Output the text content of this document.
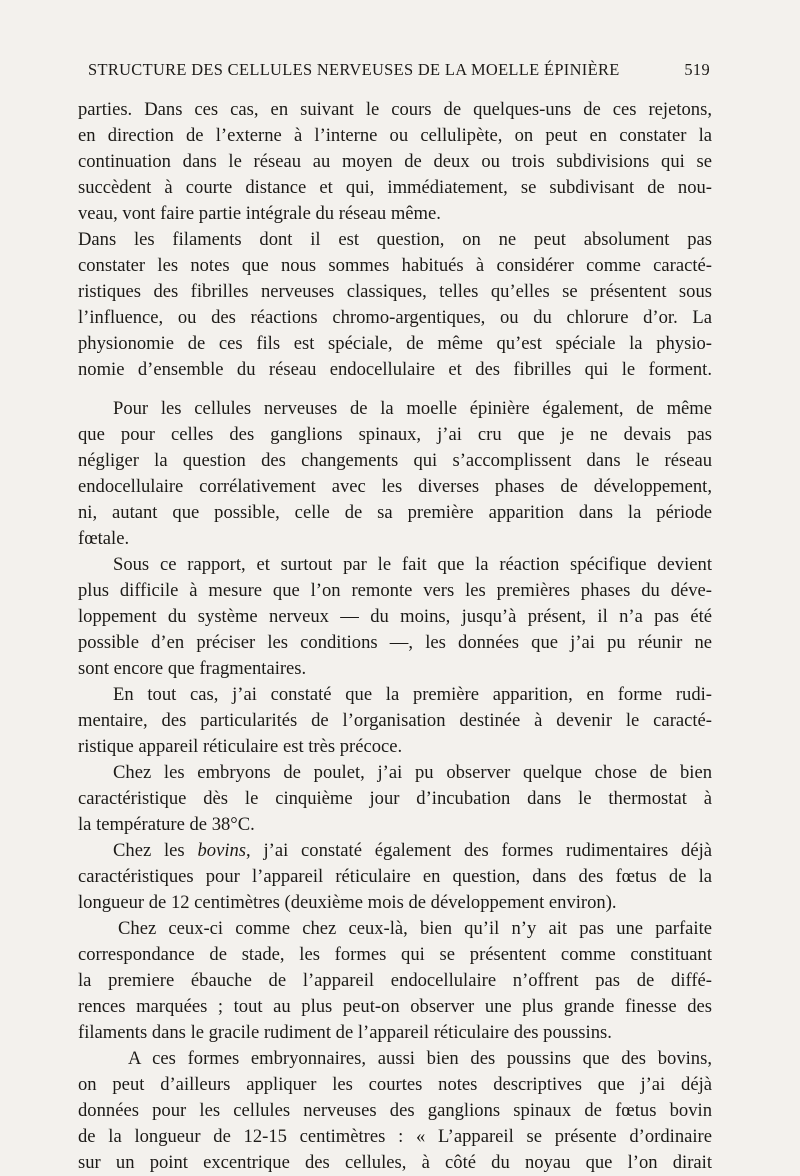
STRUCTURE DES CELLULES NERVEUSES DE LA MOELLE ÉPINIÈRE	519
parties. Dans ces cas, en suivant le cours de quelques-uns de ces rejetons,
en direction de l’externe à l’interne ou cellulipète, on peut en constater la
continuation dans le réseau au moyen de deux ou trois subdivisions qui se
succèdent à courte distance et qui, immédiatement, se subdivisant de nou-
veau, vont faire partie intégrale du réseau même.
Dans les filaments dont il est question, on ne peut absolument pas
constater les notes que nous sommes habitués à considérer comme caracté-
ristiques des fibrilles nerveuses classiques, telles qu’elles se présentent sous
l’influence, ou des réactions chromo-argentiques, ou du chlorure d’or. La
physionomie de ces fils est spéciale, de même qu’est spéciale la physio-
nomie d’ensemble du réseau endocellulaire et des fibrilles qui le forment.
Pour les cellules nerveuses de la moelle épinière également, de même
que pour celles des ganglions spinaux, j’ai cru que je ne devais pas
négliger la question des changements qui s’accomplissent dans le réseau
endocellulaire corrélativement avec les diverses phases de développement,
ni, autant que possible, celle de sa première apparition dans la période
fœtale.
Sous ce rapport, et surtout par le fait que la réaction spécifique devient
plus difficile à mesure que l’on remonte vers les premières phases du déve-
loppement du système nerveux — du moins, jusqu’à présent, il n’a pas été
possible d’en préciser les conditions —, les données que j’ai pu réunir ne
sont encore que fragmentaires.
En tout cas, j’ai constaté que la première apparition, en forme rudi-
mentaire, des particularités de l’organisation destinée à devenir le caracté-
ristique appareil réticulaire est très précoce.
Chez les embryons de poulet, j’ai pu observer quelque chose de bien
caractéristique dès le cinquième jour d’incubation dans le thermostat à
la température de 38°C.
Chez les bovins, j’ai constaté également des formes rudimentaires déjà
caractéristiques pour l’appareil réticulaire en question, dans des fœtus de la
longueur de 12 centimètres (deuxième mois de développement environ).
Chez ceux-ci comme chez ceux-là, bien qu’il n’y ait pas une parfaite
correspondance de stade, les formes qui se présentent comme constituant
la premiere ébauche de l’appareil endocellulaire n’offrent pas de diffé-
rences marquées ; tout au plus peut-on observer une plus grande finesse des
filaments dans le gracile rudiment de l’appareil réticulaire des poussins.
A ces formes embryonnaires, aussi bien des poussins que des bovins,
on peut d’ailleurs appliquer les courtes notes descriptives que j’ai déjà
données pour les cellules nerveuses des ganglions spinaux de fœtus bovin
de la longueur de 12-15 centimètres : « L’appareil se présente d’ordinaire
sur un point excentrique des cellules, à côté du noyau que l’on dirait
